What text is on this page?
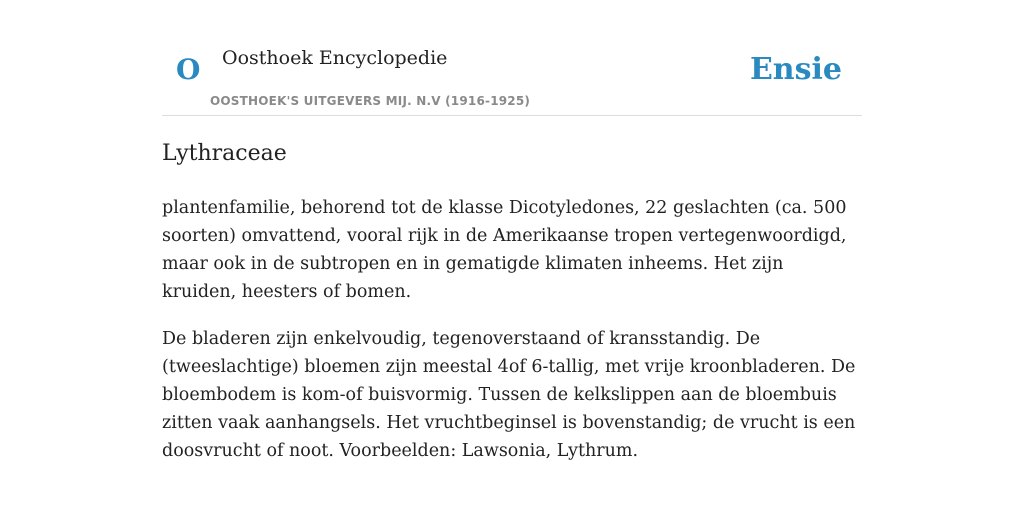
O Oosthoek Encyclopedie
OOSTHOEK'S UITGEVERS MIJ. N.V (1916-1925)
Ensie
Lythraceae

plantenfamilie, behorend tot de klasse Dicotyledones, 22 geslachten (ca. 500 soorten) omvattend, vooral rijk in de Amerikaanse tropen vertegenwoordigd, maar ook in de subtropen en in gematigde klimaten inheems. Het zijn kruiden, heesters of bomen.

De bladeren zijn enkelvoudig, tegenoverstaand of kransstandig. De (tweeslachtige) bloemen zijn meestal 4of 6-tallig, met vrije kroonbladeren. De bloembodem is kom-of buisvormig. Tussen de kelkslippen aan de bloembuis zitten vaak aanhangsels. Het vruchtbeginsel is bovenstandig; de vrucht is een doosvrucht of noot. Voorbeelden: Lawsonia, Lythrum.
